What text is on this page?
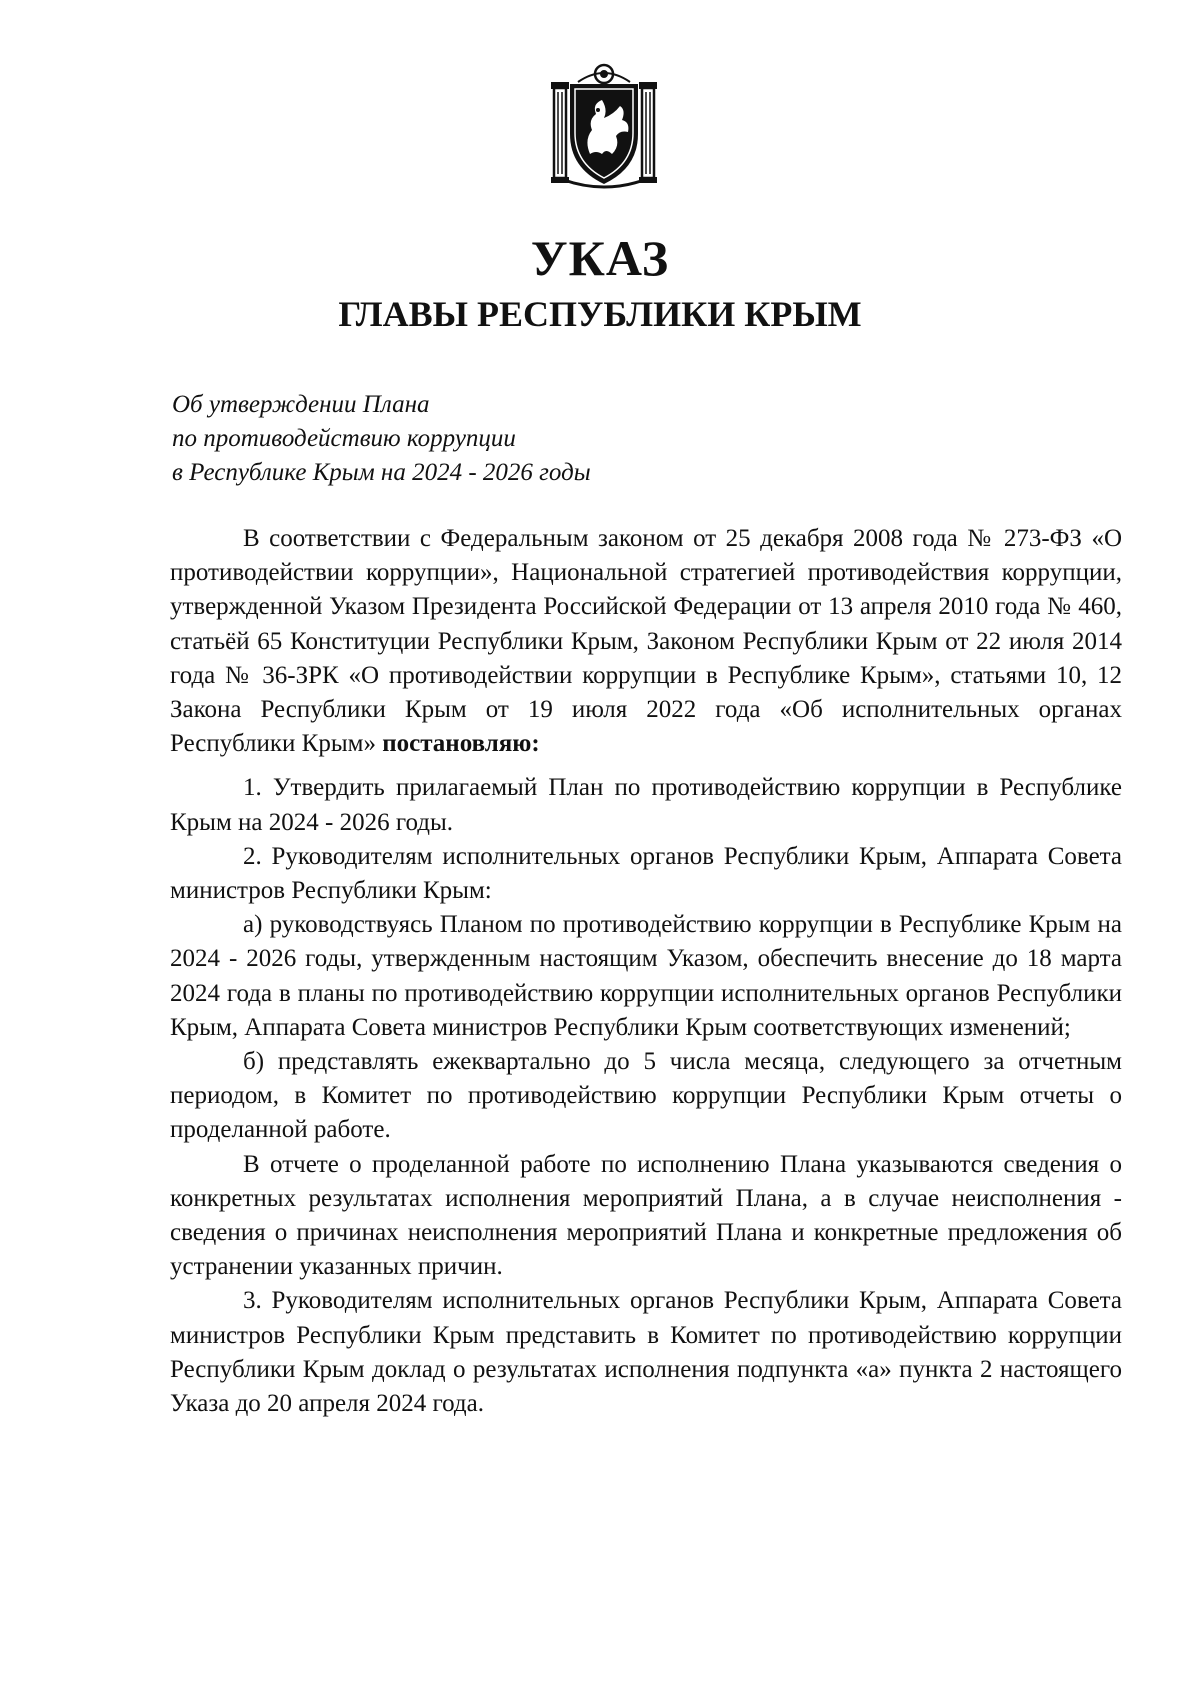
УКАЗ
ГЛАВЫ РЕСПУБЛИКИ КРЫМ
Об утверждении Плана
по противодействию коррупции
в Республике Крым на 2024 - 2026 годы

В соответствии с Федеральным законом от 25 декабря 2008 года № 273-ФЗ «О противодействии коррупции», Национальной стратегией противодействия коррупции, утвержденной Указом Президента Российской Федерации от 13 апреля 2010 года № 460, статьёй 65 Конституции Республики Крым, Законом Республики Крым от 22 июля 2014 года № 36-ЗРК «О противодействии коррупции в Республике Крым», статьями 10, 12 Закона Республики Крым от 19 июля 2022 года «Об исполнительных органах Республики Крым» постановляю:

1. Утвердить прилагаемый План по противодействию коррупции в Республике Крым на 2024 - 2026 годы.

2. Руководителям исполнительных органов Республики Крым, Аппарата Совета министров Республики Крым:

а) руководствуясь Планом по противодействию коррупции в Республике Крым на 2024 - 2026 годы, утвержденным настоящим Указом, обеспечить внесение до 18 марта 2024 года в планы по противодействию коррупции исполнительных органов Республики Крым, Аппарата Совета министров Республики Крым соответствующих изменений;

б) представлять ежеквартально до 5 числа месяца, следующего за отчетным периодом, в Комитет по противодействию коррупции Республики Крым отчеты о проделанной работе.

В отчете о проделанной работе по исполнению Плана указываются сведения о конкретных результатах исполнения мероприятий Плана, а в случае неисполнения - сведения о причинах неисполнения мероприятий Плана и конкретные предложения об устранении указанных причин.

3. Руководителям исполнительных органов Республики Крым, Аппарата Совета министров Республики Крым представить в Комитет по противодействию коррупции Республики Крым доклад о результатах исполнения подпункта «а» пункта 2 настоящего Указа до 20 апреля 2024 года.
